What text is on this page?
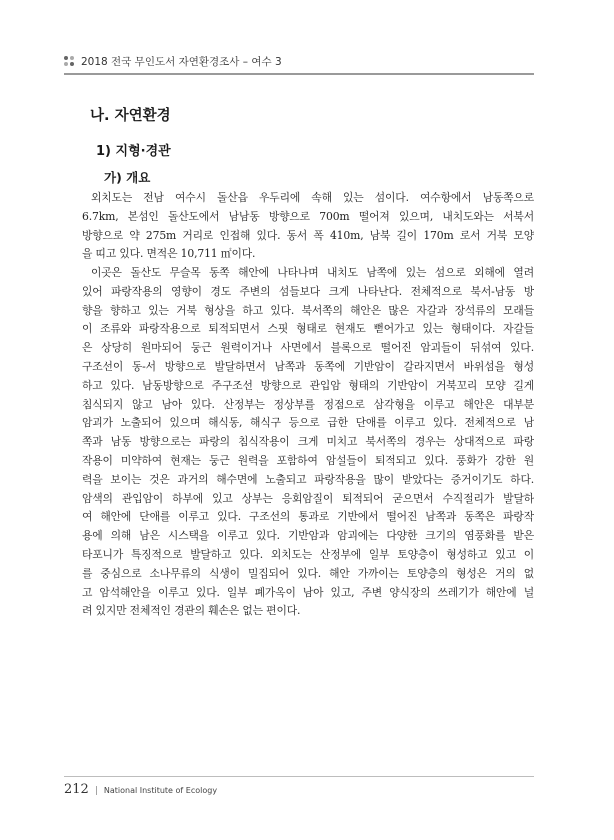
2018 전국 무인도서 자연환경조사 – 여수 3
나. 자연환경
1) 지형·경관
가) 개요
외치도는 전남 여수시 돌산읍 우두리에 속해 있는 섬이다. 여수항에서 남동쪽으로
6.7km, 본섬인 돌산도에서 남남동 방향으로 700m 떨어져 있으며, 내치도와는 서북서
방향으로 약 275m 거리로 인접해 있다. 동서 폭 410m, 남북 길이 170m 로서 거북 모양
을 띠고 있다. 면적은 10,711 ㎡이다.
이곳은 돌산도 무슬목 동쪽 해안에 나타나며 내치도 남쪽에 있는 섬으로 외해에 열려
있어 파랑작용의 영향이 경도 주변의 섬들보다 크게 나타난다. 전체적으로 북서-남동 방
향을 향하고 있는 거북 형상을 하고 있다. 북서쪽의 해안은 많은 자갈과 장석류의 모래들
이 조류와 파랑작용으로 퇴적되면서 스핏 형태로 현재도 뻗어가고 있는 형태이다. 자갈들
은 상당히 원마되어 둥근 원력이거나 사면에서 블록으로 떨어진 암괴들이 뒤섞여 있다.
구조선이 동-서 방향으로 발달하면서 남쪽과 동쪽에 기반암이 갈라지면서 바위섬을 형성
하고 있다. 남동방향으로 주구조선 방향으로 관입암 형태의 기반암이 거북꼬리 모양 길게
침식되지 않고 남아 있다. 산정부는 정상부를 정점으로 삼각형을 이루고 해안은 대부분
암괴가 노출되어 있으며 해식동, 해식구 등으로 급한 단애를 이루고 있다. 전체적으로 남
쪽과 남동 방향으로는 파랑의 침식작용이 크게 미치고 북서쪽의 경우는 상대적으로 파랑
작용이 미약하여 현재는 둥근 원력을 포함하여 암설들이 퇴적되고 있다. 풍화가 강한 원
력을 보이는 것은 과거의 해수면에 노출되고 파랑작용을 많이 받았다는 증거이기도 하다.
암색의 관입암이 하부에 있고 상부는 응회암질이 퇴적되어 굳으면서 수직절리가 발달하
여 해안에 단애를 이루고 있다. 구조선의 통과로 기반에서 떨어진 남쪽과 동쪽은 파랑작
용에 의해 남은 시스택을 이루고 있다. 기반암과 암괴에는 다양한 크기의 염풍화를 받은
타포니가 특징적으로 발달하고 있다. 외치도는 산정부에 일부 토양층이 형성하고 있고 이
를 중심으로 소나무류의 식생이 밀집되어 있다. 해안 가까이는 토양층의 형성은 거의 없
고 암석해안을 이루고 있다. 일부 폐가옥이 남아 있고, 주변 양식장의 쓰레기가 해안에 널
려 있지만 전체적인 경관의 훼손은 없는 편이다.
212 | National Institute of Ecology
